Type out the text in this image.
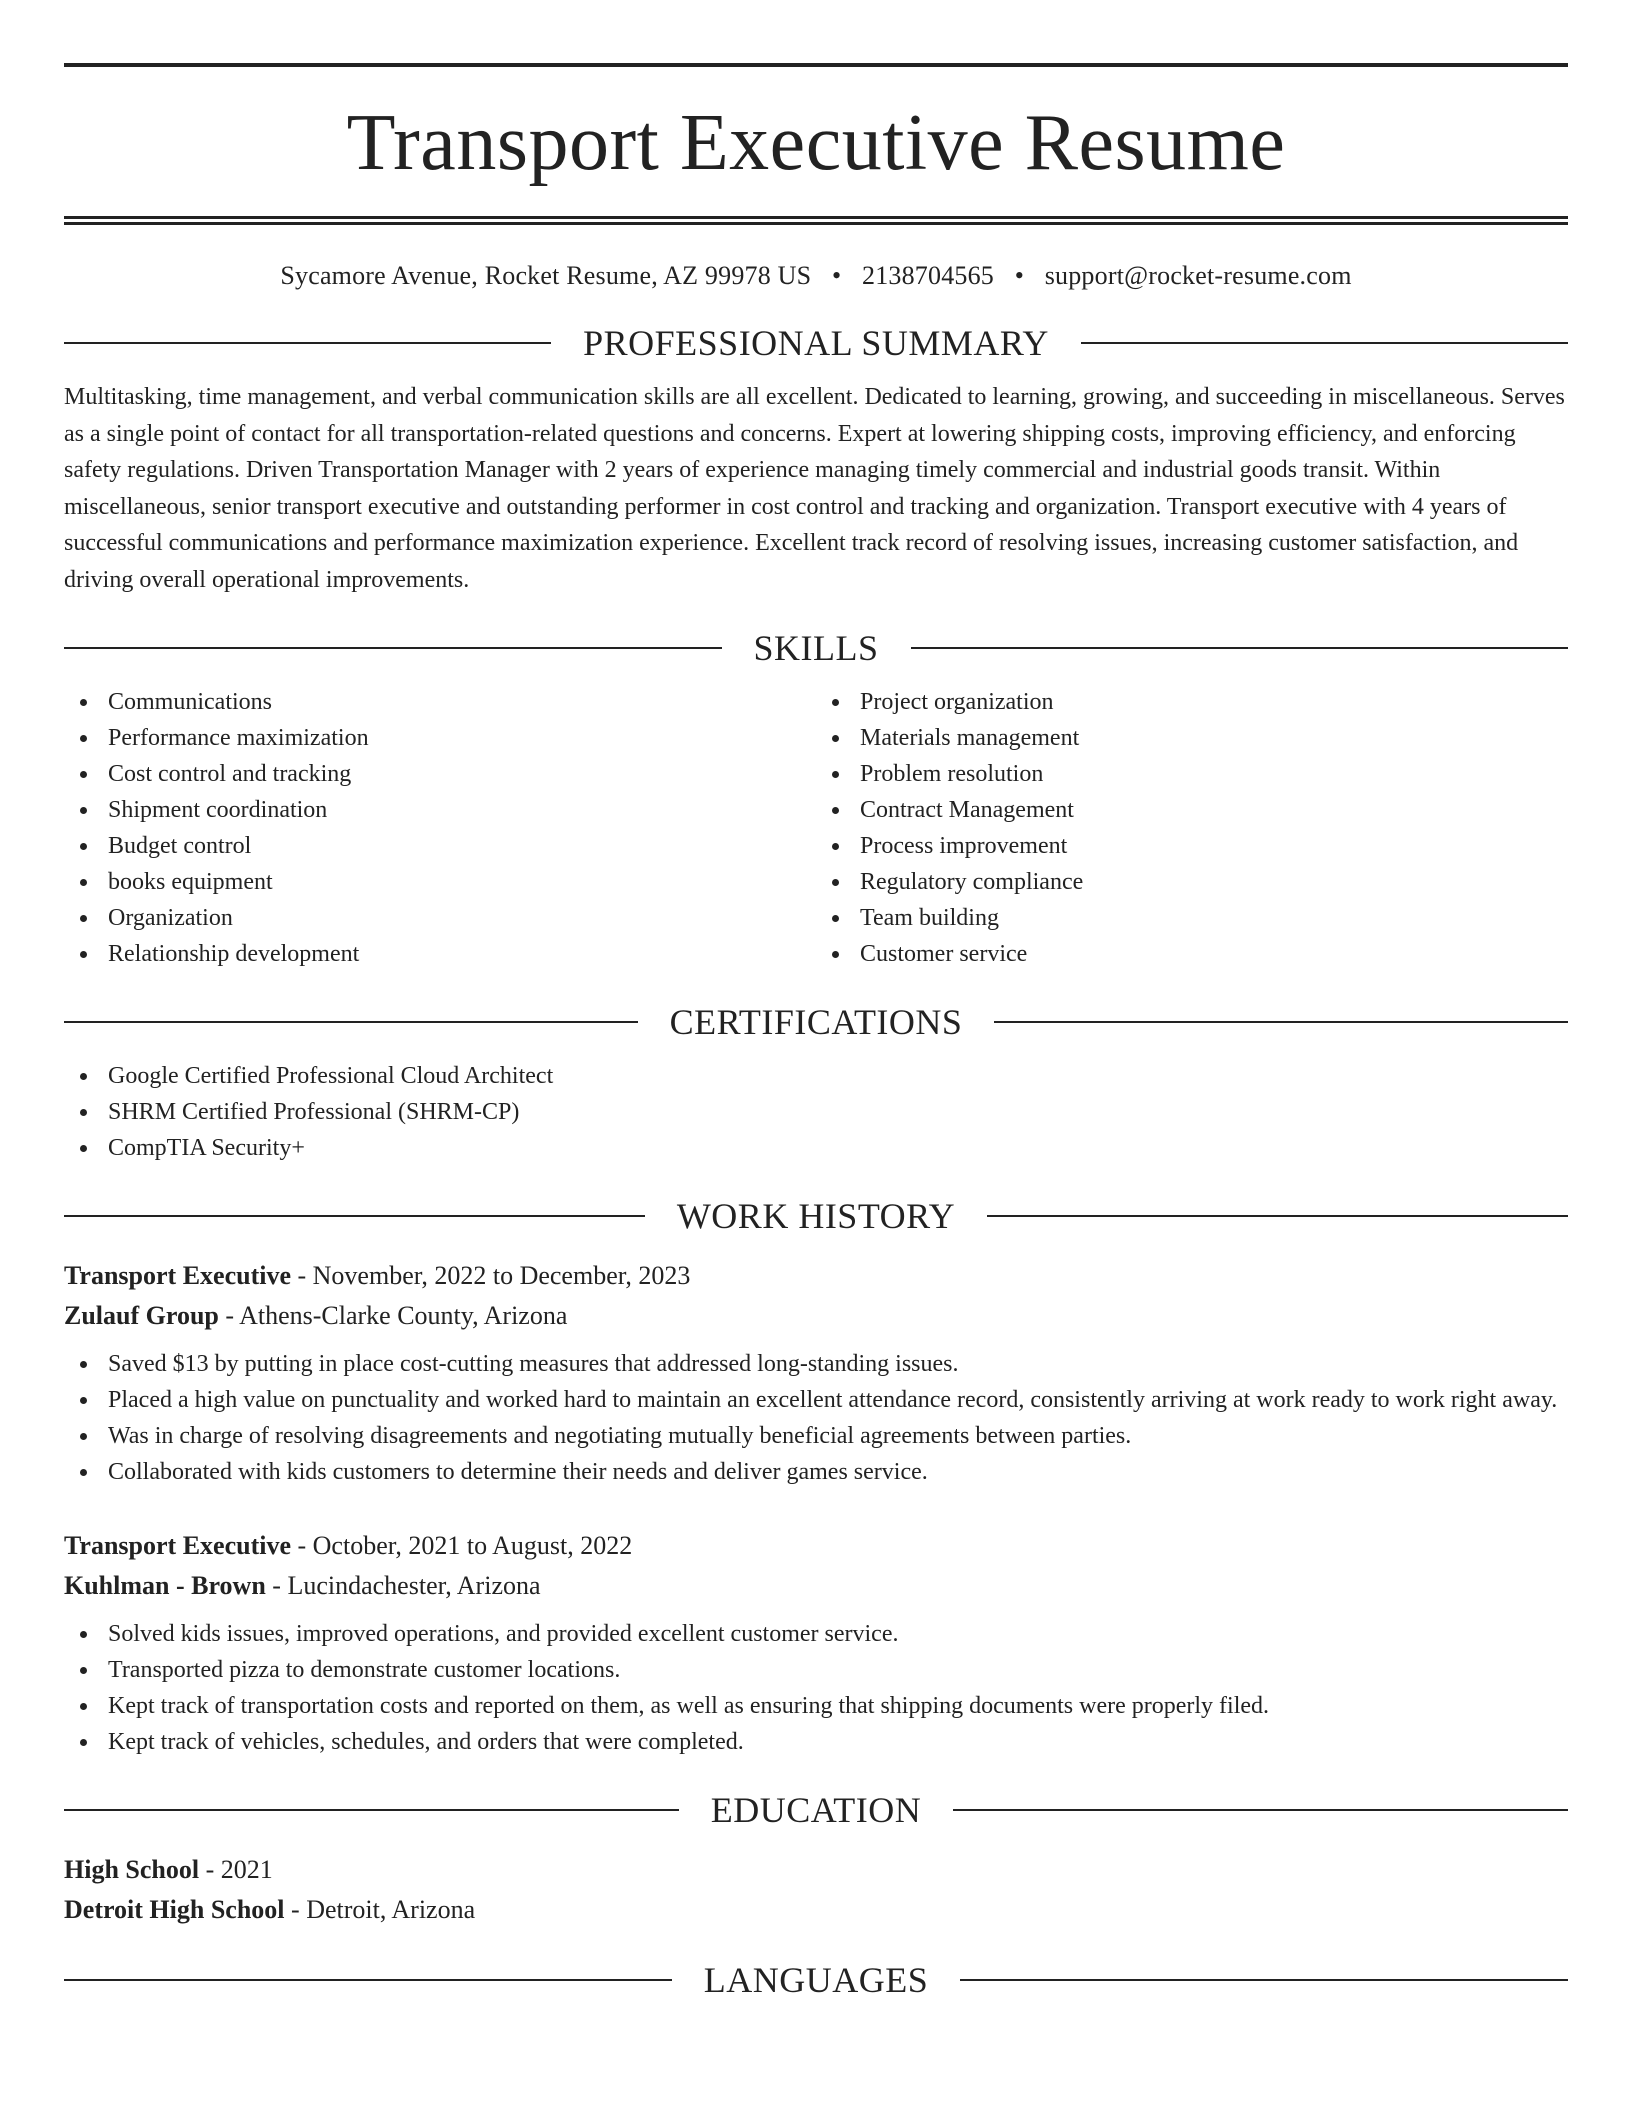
Transport Executive Resume
Sycamore Avenue, Rocket Resume, AZ 99978 US • 2138704565 • support@rocket-resume.com
PROFESSIONAL SUMMARY

Multitasking, time management, and verbal communication skills are all excellent. Dedicated to learning, growing, and succeeding in miscellaneous. Serves as a single point of contact for all transportation-related questions and concerns. Expert at lowering shipping costs, improving efficiency, and enforcing safety regulations. Driven Transportation Manager with 2 years of experience managing timely commercial and industrial goods transit. Within miscellaneous, senior transport executive and outstanding performer in cost control and tracking and organization. Transport executive with 4 years of successful communications and performance maximization experience. Excellent track record of resolving issues, increasing customer satisfaction, and driving overall operational improvements.

SKILLS
Communications
Performance maximization
Cost control and tracking
Shipment coordination
Budget control
books equipment
Organization
Relationship development
Project organization
Materials management
Problem resolution
Contract Management
Process improvement
Regulatory compliance
Team building
Customer service
CERTIFICATIONS
Google Certified Professional Cloud Architect
SHRM Certified Professional (SHRM-CP)
CompTIA Security+
WORK HISTORY
Transport Executive - November, 2022 to December, 2023
Zulauf Group - Athens-Clarke County, Arizona
Saved $13 by putting in place cost-cutting measures that addressed long-standing issues.
Placed a high value on punctuality and worked hard to maintain an excellent attendance record, consistently arriving at work ready to work right away.
Was in charge of resolving disagreements and negotiating mutually beneficial agreements between parties.
Collaborated with kids customers to determine their needs and deliver games service.
Transport Executive - October, 2021 to August, 2022
Kuhlman - Brown - Lucindachester, Arizona
Solved kids issues, improved operations, and provided excellent customer service.
Transported pizza to demonstrate customer locations.
Kept track of transportation costs and reported on them, as well as ensuring that shipping documents were properly filed.
Kept track of vehicles, schedules, and orders that were completed.
EDUCATION
High School - 2021
Detroit High School - Detroit, Arizona
LANGUAGES
